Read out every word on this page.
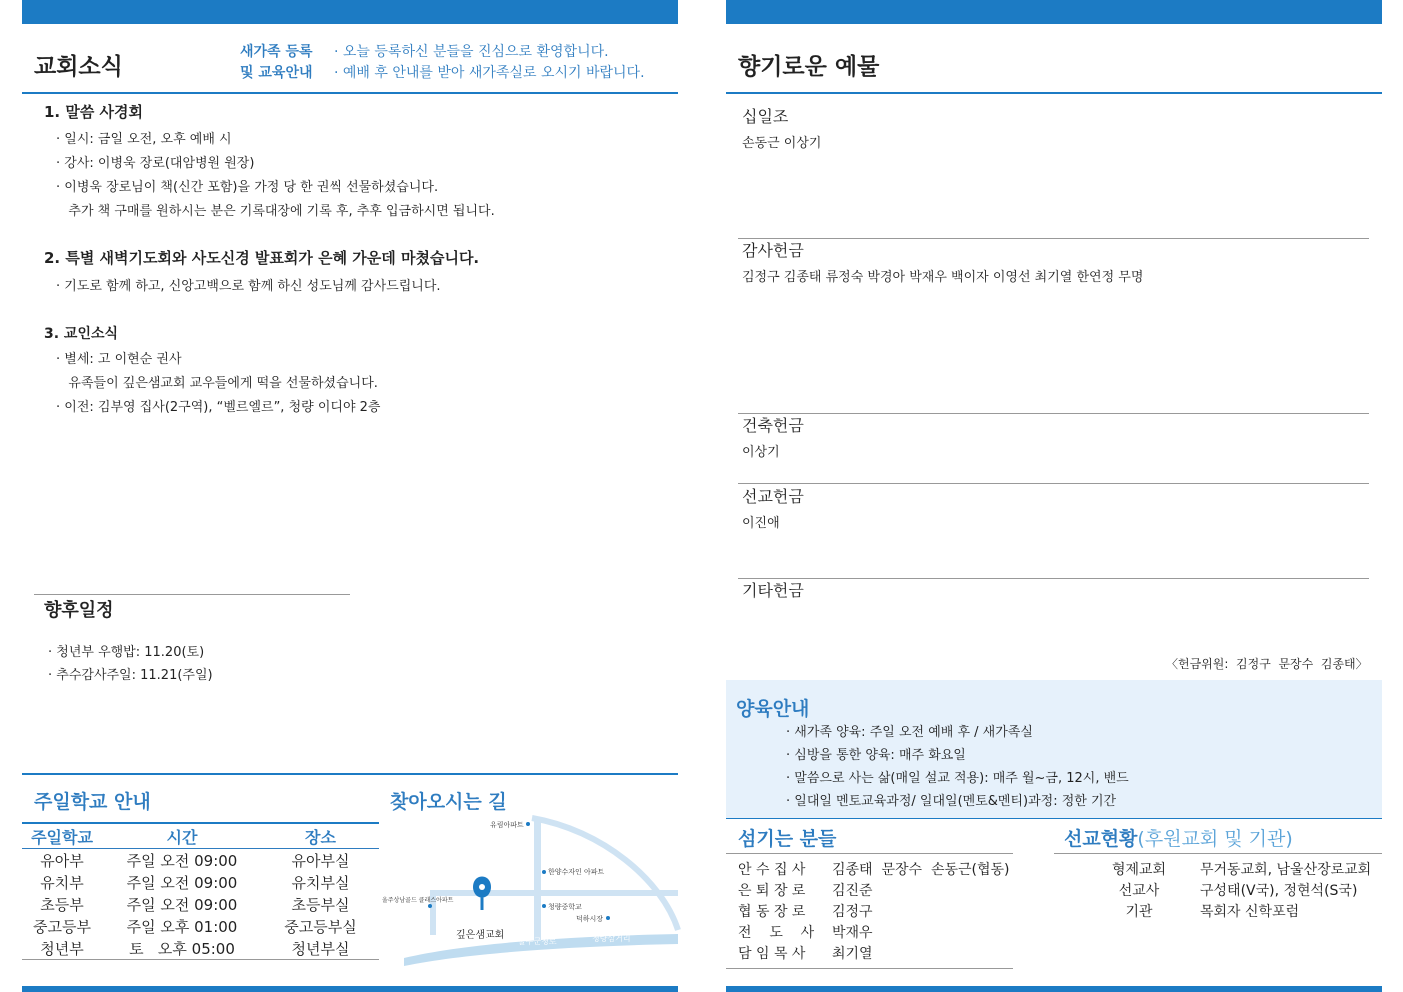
교회소식
새가족 등록
및 교육안내
· 오늘 등록하신 분들을 진심으로 환영합니다.
· 예배 후 안내를 받아 새가족실로 오시기 바랍니다.
1. 말씀 사경회
· 일시: 금일 오전, 오후 예배 시
· 강사: 이병욱 장로(대암병원 원장)
· 이병욱 장로님이 책(신간 포함)을 가정 당 한 권씩 선물하셨습니다.
추가 책 구매를 원하시는 분은 기록대장에 기록 후, 추후 입금하시면 됩니다.
2. 특별 새벽기도회와 사도신경 발표회가 은혜 가운데 마쳤습니다.
· 기도로 함께 하고, 신앙고백으로 함께 하신 성도님께 감사드립니다.
3. 교인소식
· 별세: 고 이현순 권사
유족들이 깊은샘교회 교우들에게 떡을 선물하셨습니다.
· 이전: 김부영 집사(2구역), “벨르엘르”, 청량 이디야 2층
향후일정
· 청년부 우행밥: 11.20(토)
· 추수감사주일: 11.21(주일)
주일학교 안내
주일학교	시간	장소
유아부	주일 오전 09:00	유아부실
유치부	주일 오전 09:00	유치부실
초등부	주일 오전 09:00	초등부실
중고등부	주일 오후 01:00	중고등부실
청년부	토   오후 05:00	청년부실
찾아오시는 길
유림아파트
한양수자인 아파트
청량중학교
덕하시장
울주상남골드 클래스아파트
깊은샘교회
울주군청로	청량삼거리
향기로운 예물
십일조
손동근 이상기
감사헌금
김정구 김종태 류정숙 박경아 박재우 백이자 이영선 최기열 한연정 무명
건축헌금
이상기
선교헌금
이진애
기타헌금
〈헌금위원:  김정구  문장수  김종태〉
양육안내
· 새가족 양육: 주일 오전 예배 후 / 새가족실
· 심방을 통한 양육: 매주 화요일
· 말씀으로 사는 삶(매일 설교 적용): 매주 월~금, 12시, 밴드
· 일대일 멘토교육과정/ 일대일(멘토&멘티)과정: 정한 기간
섬기는 분들
안 수 집 사	김종태  문장수  손동근(협동)
은 퇴 장 로	김진준
협 동 장 로	김정구
전    도    사	박재우
담 임 목 사	최기열
선교현황(후원교회 및 기관)
형제교회	무거동교회, 남울산장로교회
선교사	구성태(V국), 정현석(S국)
기관	목회자 신학포럼
